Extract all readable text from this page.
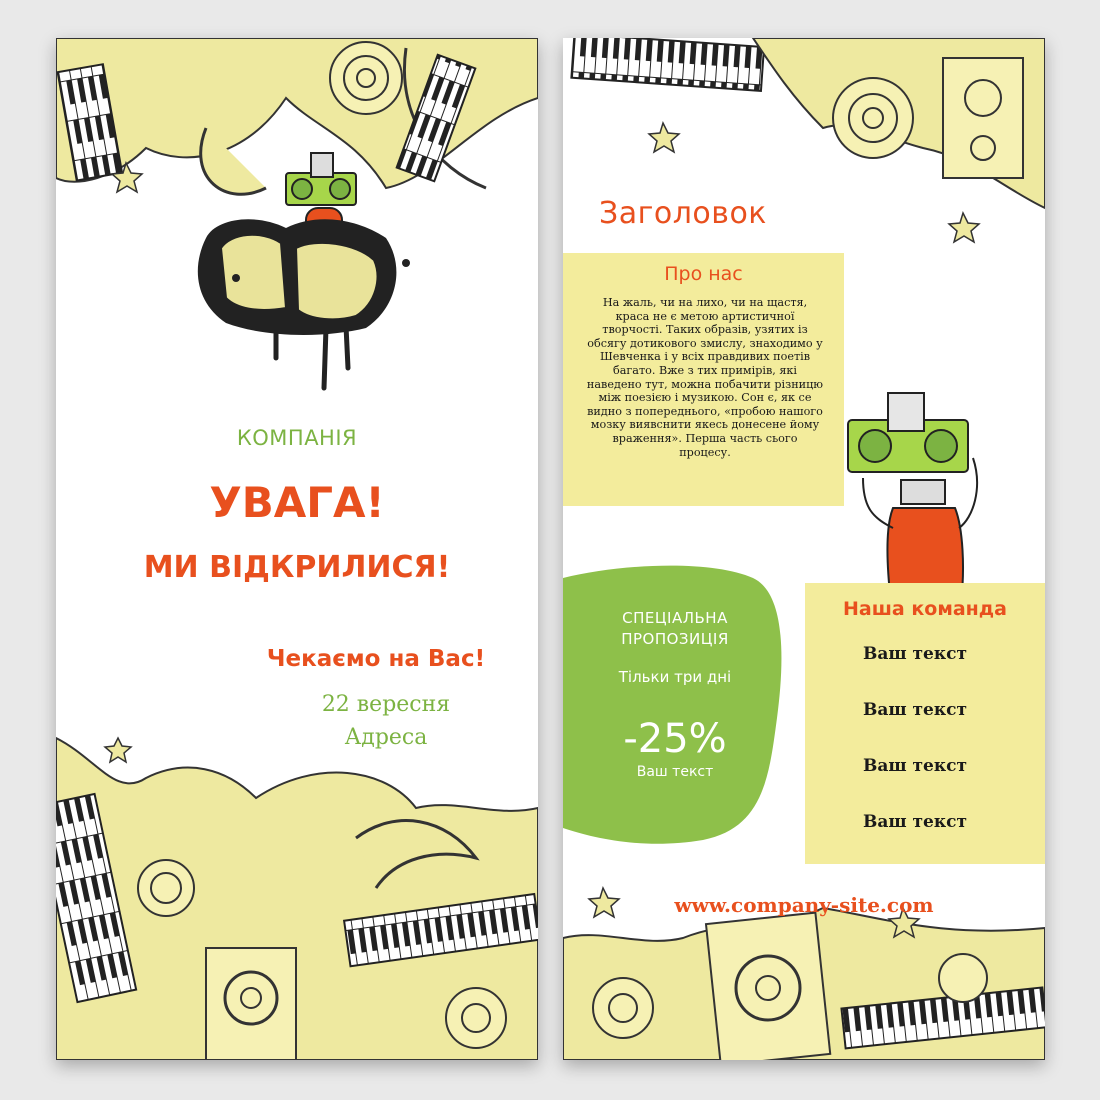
КОМПАНІЯ
УВАГА!
МИ ВІДКРИЛИСЯ!
Чекаємо на Вас!
22 вересня
Адреса
Заголовок
Про нас
На жаль, чи на лихо, чи на щастя, краса не є метою артистичної творчості. Таких образів, узятих із обсягу дотикового змислу, знаходимо у Шевченка і у всіх правдивих поетів багато. Вже з тих примірів, які наведено тут, можна побачити різницю між поезією і музикою. Сон є, як се видно з попереднього, «пробою нашого мозку виявснити якесь донесене йому враження». Перша часть сього процесу.
СПЕЦІАЛЬНА ПРОПОЗИЦІЯ
Тільки три дні
-25%
Ваш текст
Наша команда
Ваш текст
Ваш текст
Ваш текст
Ваш текст
www.company-site.com
